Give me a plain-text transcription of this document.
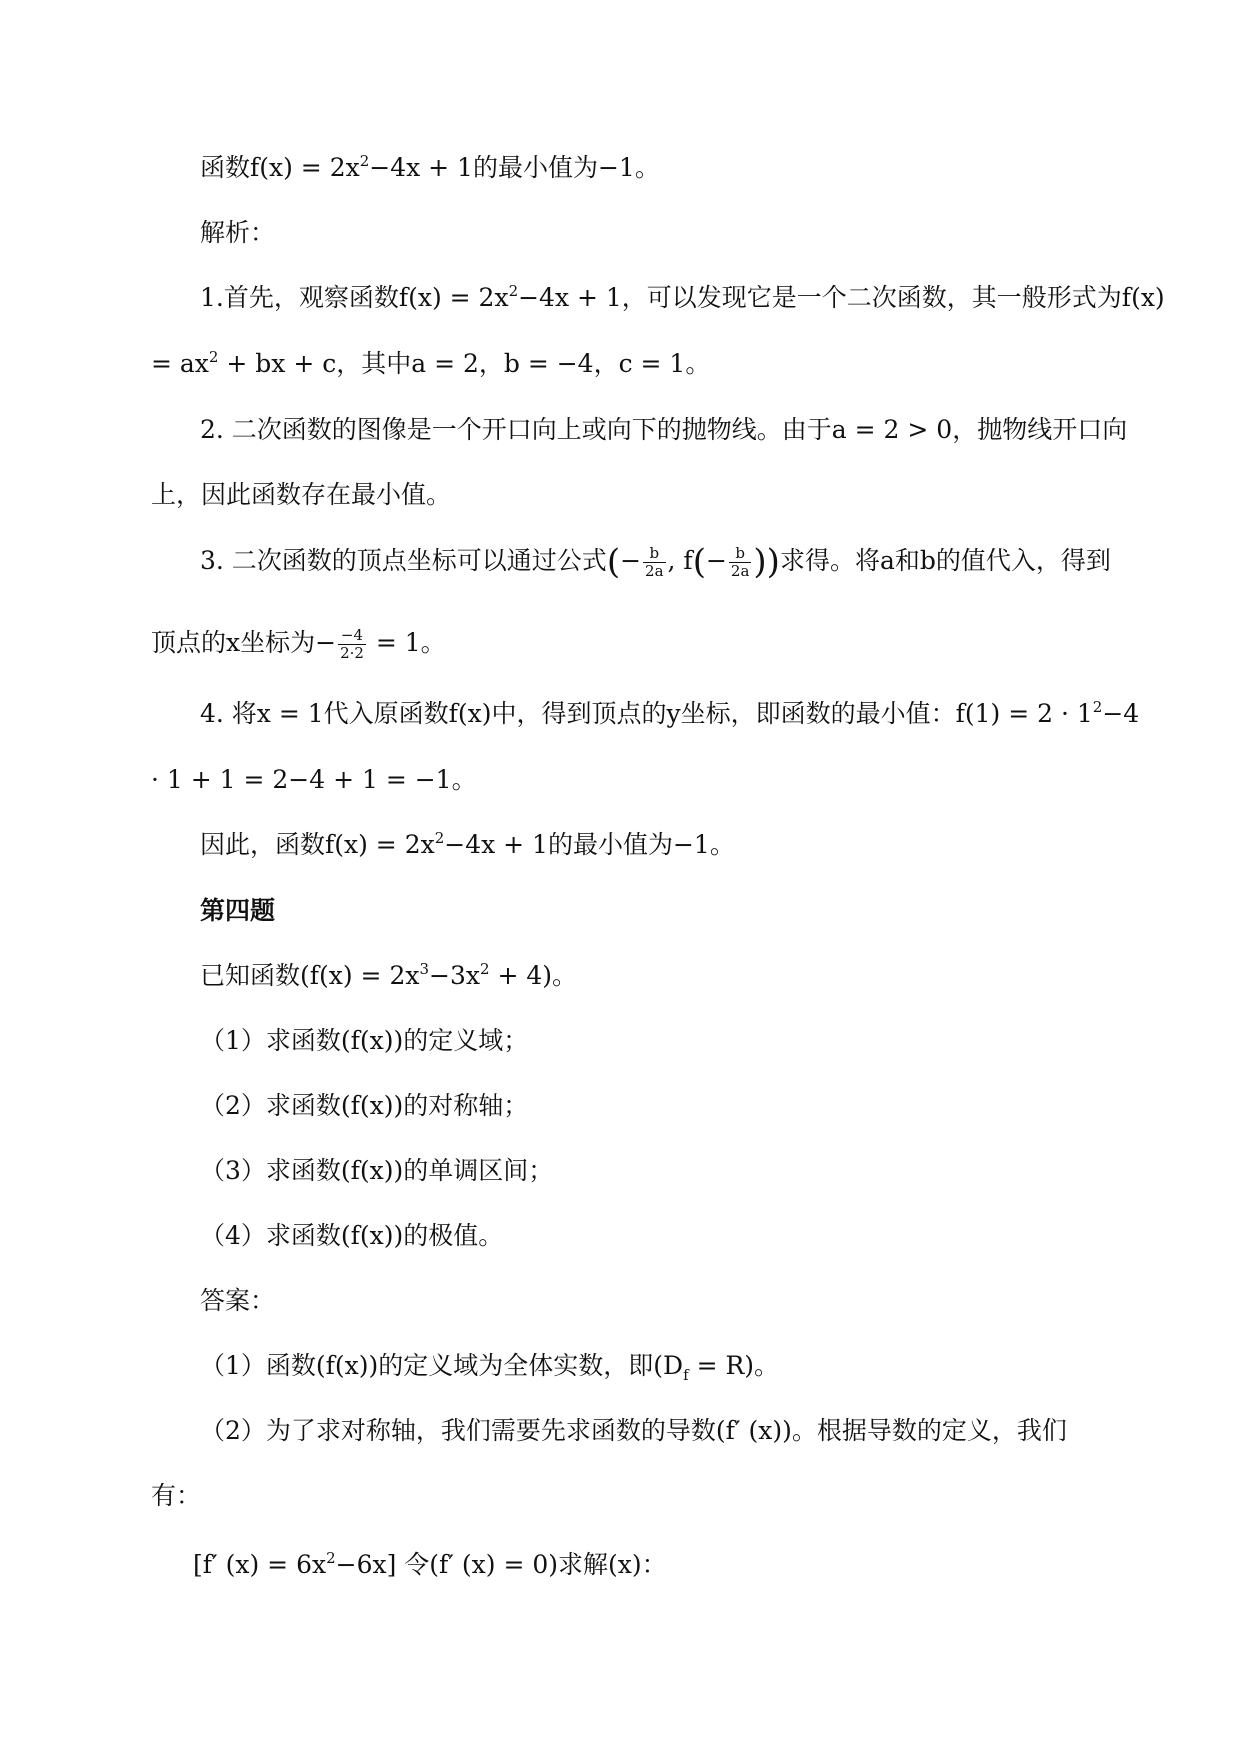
函数$f(x) = 2x^2-4x + 1$的最小值为−1。
解析：
1.首先，观察函数$f(x) = 2x^2-4x + 1$，可以发现它是一个二次函数，其一般形式为f(x)
= $ax^2$ + bx + c，其中a = 2，b = −4，c = 1。
2. 二次函数的图像是一个开口向上或向下的抛物线。由于a = 2 > 0，抛物线开口向
上，因此函数存在最小值。
3. 二次函数的顶点坐标可以通过公式(− $\frac{b}{2a}$ , $f(- \frac{b}{2a}$ ))求得。将a和b的值代入，得到
顶点的x坐标为− $\frac{-4}{2\cdot 2} = 1$。
4. 将x = 1代入原函数f(x)中，得到顶点的y坐标，即函数的最小值：$f(1) = 2 \cdot 1^2-4$
· 1 + 1 = 2−4 + 1 = −1。
因此，函数$f(x) = 2x^2-4x + 1$的最小值为−1。
第四题
已知函数$(f(x) = 2x^3-3x^2 + 4)$。
（1）求函数(f(x))的定义域；
（2）求函数(f(x))的对称轴；
（3）求函数(f(x))的单调区间；
（4）求函数(f(x))的极值。
答案：
（1）函数(f(x))的定义域为全体实数，即$(D_f = R)$。
（2）为了求对称轴，我们需要先求函数的导数(f′ (x))。根据导数的定义，我们
有：
[f′ $(x) = 6x^2-6x$] 令(f′ (x) = 0)求解(x)：
